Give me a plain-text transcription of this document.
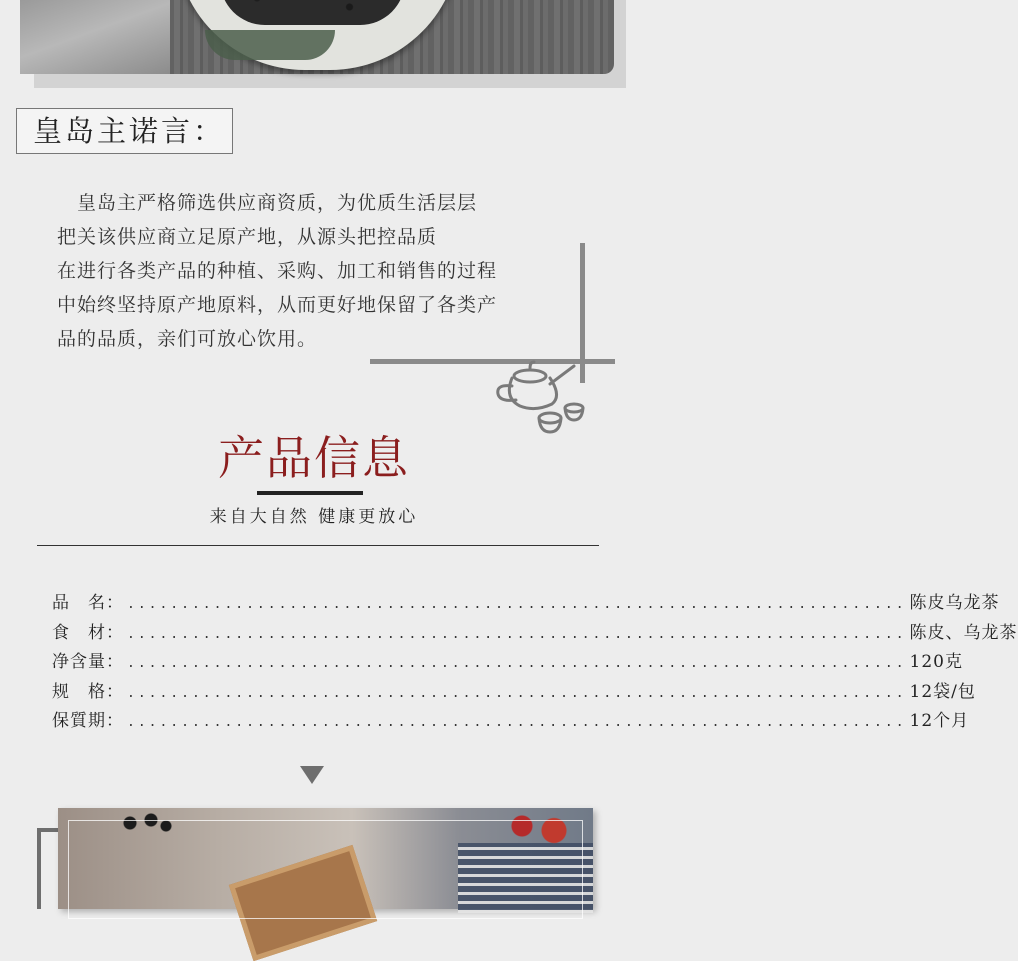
皇岛主诺言：
　皇岛主严格筛选供应商资质，为优质生活层层
把关该供应商立足原产地，从源头把控品质
在进行各类产品的种植、采购、加工和销售的过程
中始终坚持原产地原料，从而更好地保留了各类产
品的品质，亲们可放心饮用。
产品信息
来自大自然 健康更放心
品　名： ........................................................................ 陈皮乌龙茶
食　材： ........................................................................ 陈皮、乌龙茶
净含量： ........................................................................ 120克
规　格： ........................................................................ 12袋/包
保質期： ........................................................................ 12个月
